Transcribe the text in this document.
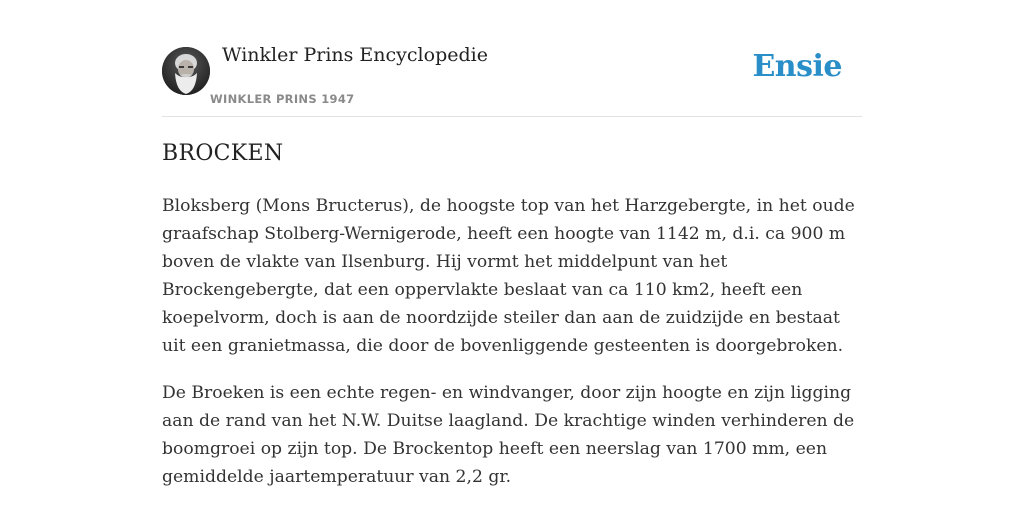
Winkler Prins Encyclopedie
WINKLER PRINS 1947
Ensie
BROCKEN

Bloksberg (Mons Bructerus), de hoogste top van het Harzgebergte, in het oude graafschap Stolberg-Wernigerode, heeft een hoogte van 1142 m, d.i. ca 900 m boven de vlakte van Ilsenburg. Hij vormt het middelpunt van het Brockengebergte, dat een oppervlakte beslaat van ca 110 km2, heeft een koepelvorm, doch is aan de noordzijde steiler dan aan de zuidzijde en bestaat uit een granietmassa, die door de bovenliggende gesteenten is doorgebroken.

De Broeken is een echte regen- en windvanger, door zijn hoogte en zijn ligging aan de rand van het N.W. Duitse laagland. De krachtige winden verhinderen de boomgroei op zijn top. De Brockentop heeft een neerslag van 1700 mm, een gemiddelde jaartemperatuur van 2,2 gr.
